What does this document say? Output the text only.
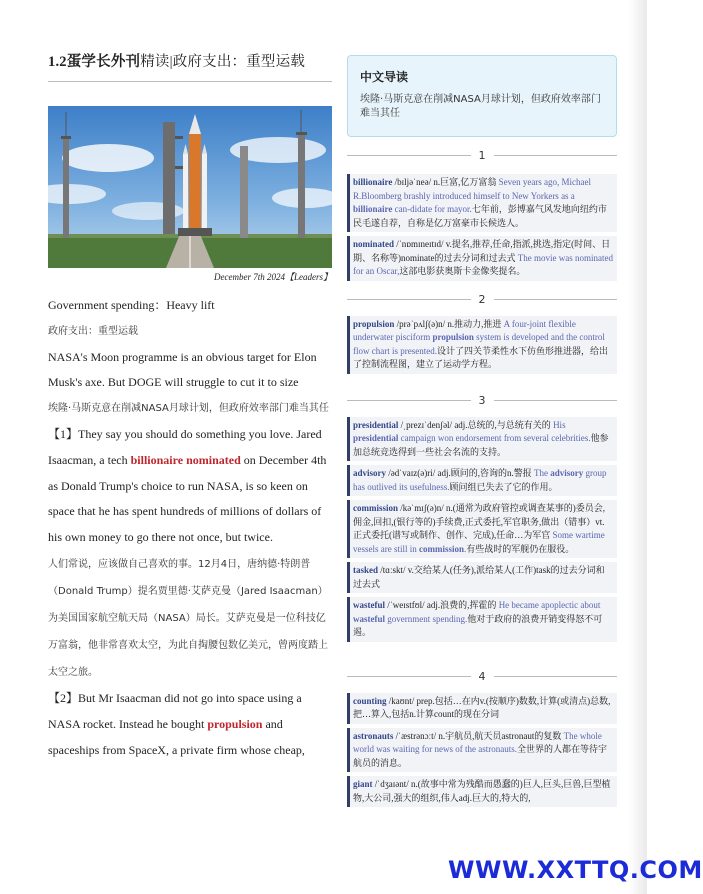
1.2蛋学长外刊精读|政府支出：重型运载
December 7th 2024【Leaders】

Government spending：Heavy lift

政府支出：重型运载

NASA's Moon programme is an obvious target for Elon Musk's axe. But DOGE will struggle to cut it to size

埃隆·马斯克意在削减NASA月球计划，但政府效率部门难当其任

【1】They say you should do something you love. Jared Isaacman, a tech billionaire nominated on December 4th as Donald Trump's choice to run NASA, is so keen on space that he has spent hundreds of millions of dollars of his own money to go there not once, but twice.

人们常说，应该做自己喜欢的事。12月4日，唐纳德·特朗普（Donald Trump）提名贾里德·艾萨克曼（Jared Isaacman）为美国国家航空航天局（NASA）局长。艾萨克曼是一位科技亿万富翁，他非常喜欢太空，为此自掏腰包数亿美元，曾两度踏上太空之旅。

【2】But Mr Isaacman did not go into space using a NASA rocket. Instead he bought propulsion and spaceships from SpaceX, a private firm whose cheap,

中文导读
埃隆·马斯克意在削减NASA月球计划，但政府效率部门难当其任
1
billionaire /bɪljəˈneə/ n.巨富,亿万富翁 Seven years ago, Michael R.Bloomberg brashly introduced himself to New Yorkers as a billionaire can-didate for mayor.七年前，彭博嘉气风发地向纽约市民毛遂自荐，自称是亿万富豪市长候选人。
nominated /ˈnɒmɪneɪtɪd/ v.提名,推荐,任命,指派,挑选,指定(时间、日期、名称等)nominate的过去分词和过去式 The movie was nominated for an Oscar,这部电影获奥斯卡金像奖提名。
2
propulsion /prəˈpʌlʃ(ə)n/ n.推动力,推进 A four-joint flexible underwater pisciform propulsion system is developed and the control flow chart is presented.设计了四关节柔性水下仿鱼形推进器，给出了控制流程图，建立了运动学方程。
3
presidential /ˌprezɪˈdenʃəl/ adj.总统的,与总统有关的 His presidential campaign won endorsement from several celebrities.他参加总统竞选得到一些社会名流的支持。
advisory /ədˈvaɪz(ə)ri/ adj.顾问的,咨询的n.警报 The advisory group has outlived its usefulness.顾问组已失去了它的作用。
commission /kəˈmɪʃ(ə)n/ n.(通常为政府管控或调查某事的)委员会,佣金,回扣,(银行等的)手续费,正式委托,军官职务,做出（错事）vt.正式委托(谱写或制作、创作、完成),任命…为军官 Some wartime vessels are still in commission.有些战时的军舰仍在服役。
tasked /tɑːskt/ v.交给某人(任务),派给某人(工作)task的过去分词和过去式
wasteful /ˈweɪstfʊl/ adj.浪费的,挥霍的 He became apoplectic about wasteful government spending.他对于政府的浪费开销变得怒不可遏。
4
counting /kaʊnt/ prep.包括…在内v.(按顺序)数数,计算(或清点)总数,把…算入,包括n.计算count的现在分词
astronauts /ˈæstrənɔːt/ n.宇航员,航天员astronaut的复数 The whole world was waiting for news of the astronauts.全世界的人都在等待宇航员的消息。
giant /ˈdʒaɪənt/ n.(故事中常为残酷而愚蠢的)巨人,巨头,巨兽,巨型植物,大公司,强大的组织,伟人adj.巨大的,特大的,
WWW.XXTTQ.COM
